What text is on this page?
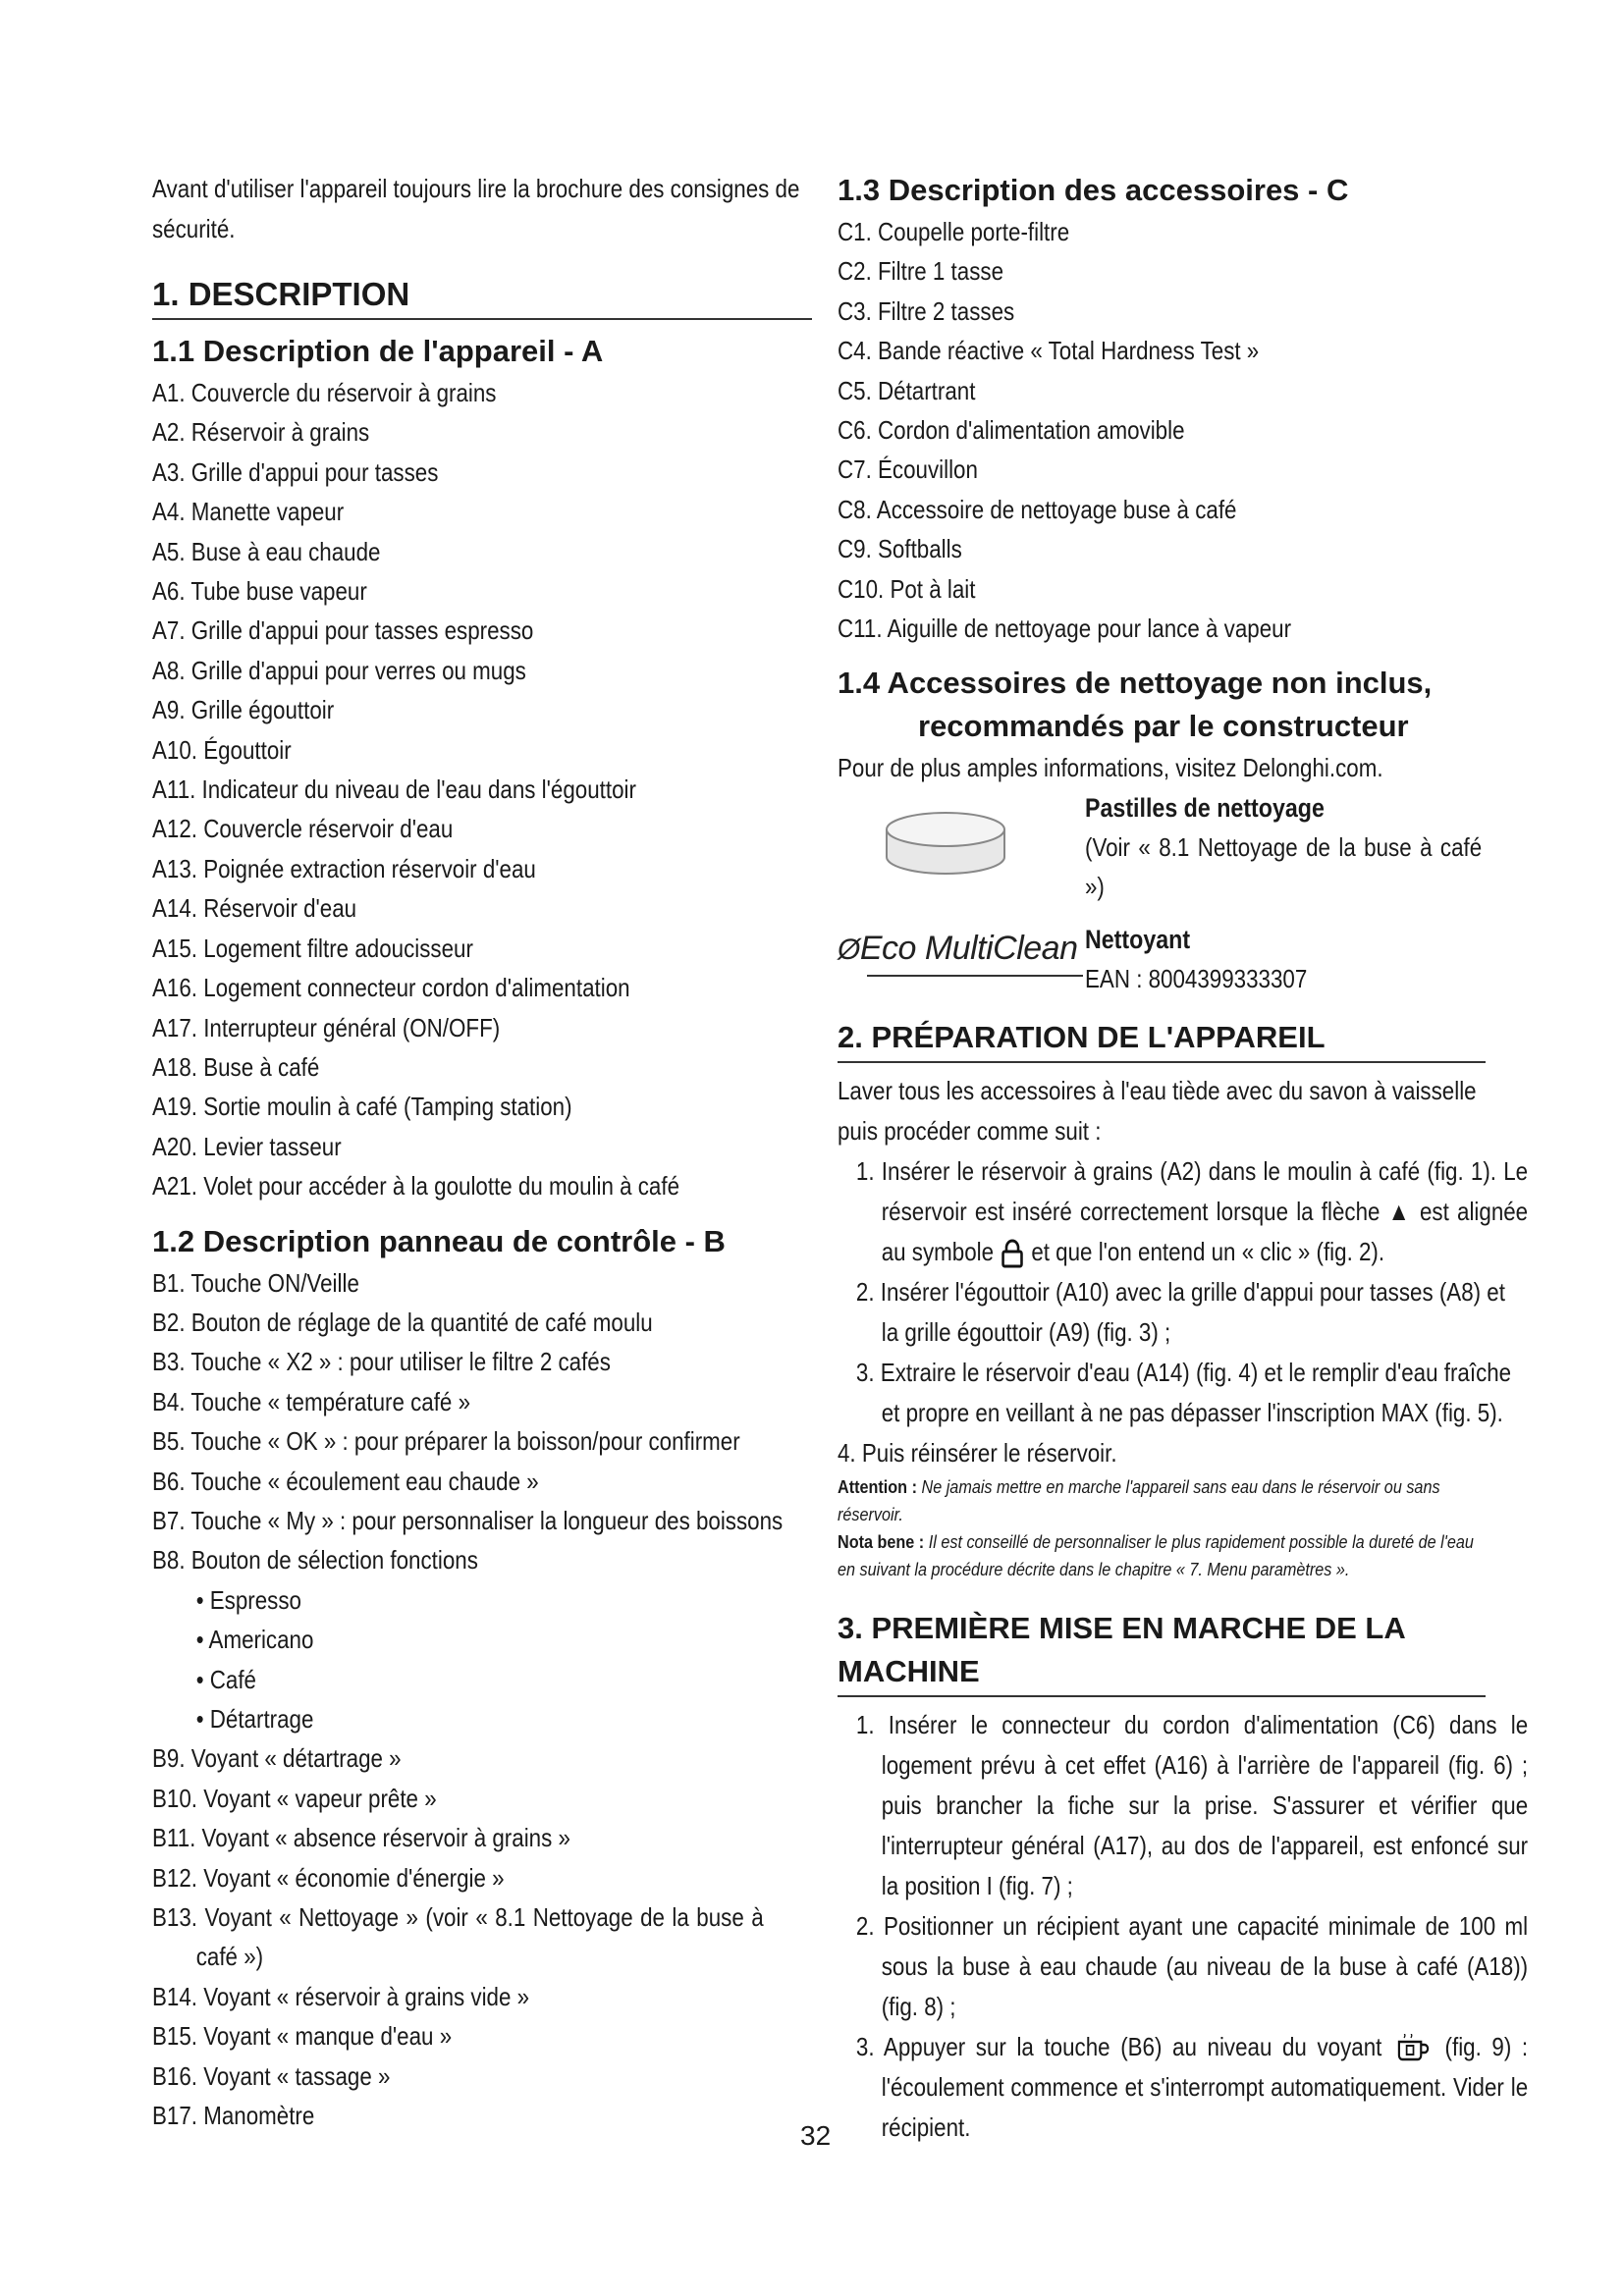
Avant d'utiliser l'appareil toujours lire la brochure des consignes de sécurité.

1. DESCRIPTION
1.1 Description de l'appareil - A
A1. Couvercle du réservoir à grains
A2. Réservoir à grains
A3. Grille d'appui pour tasses
A4. Manette vapeur
A5. Buse à eau chaude
A6. Tube buse vapeur
A7. Grille d'appui pour tasses espresso
A8. Grille d'appui pour verres ou mugs
A9. Grille égouttoir
A10. Égouttoir
A11. Indicateur du niveau de l'eau dans l'égouttoir
A12. Couvercle réservoir d'eau
A13. Poignée extraction réservoir d'eau
A14. Réservoir d'eau
A15. Logement filtre adoucisseur
A16. Logement connecteur cordon d'alimentation
A17. Interrupteur général (ON/OFF)
A18. Buse à café
A19. Sortie moulin à café (Tamping station)
A20. Levier tasseur
A21. Volet pour accéder à la goulotte du moulin à café
1.2 Description panneau de contrôle - B
B1. Touche ON/Veille
B2. Bouton de réglage de la quantité de café moulu
B3. Touche « X2 » : pour utiliser le filtre 2 cafés
B4. Touche « température café »
B5. Touche « OK » : pour préparer la boisson/pour confirmer
B6. Touche « écoulement eau chaude »
B7. Touche « My » : pour personnaliser la longueur des boissons
B8. Bouton de sélection fonctions
• Espresso
• Americano
• Café
• Détartrage
B9. Voyant « détartrage »
B10. Voyant « vapeur prête »
B11. Voyant « absence réservoir à grains »
B12. Voyant « économie d'énergie »
B13. Voyant « Nettoyage » (voir « 8.1 Nettoyage de la buse à café »)
B14. Voyant « réservoir à grains vide »
B15. Voyant « manque d'eau »
B16. Voyant « tassage »
B17. Manomètre
1.3 Description des accessoires - C
C1. Coupelle porte-filtre
C2. Filtre 1 tasse
C3. Filtre 2 tasses
C4. Bande réactive « Total Hardness Test »
C5. Détartrant
C6. Cordon d'alimentation amovible
C7. Écouvillon
C8. Accessoire de nettoyage buse à café
C9. Softballs
C10. Pot à lait
C11. Aiguille de nettoyage pour lance à vapeur
1.4 Accessoires de nettoyage non inclus,
recommandés par le constructeur
Pour de plus amples informations, visitez Delonghi.com.
Pastilles de nettoyage
(Voir « 8.1 Nettoyage de la buse à café »)
ØEco MultiClean Nettoyant
EAN : 8004399333307
2. PRÉPARATION DE L'APPAREIL

Laver tous les accessoires à l'eau tiède avec du savon à vaisselle puis procéder comme suit :

1. Insérer le réservoir à grains (A2) dans le moulin à café (fig. 1). Le réservoir est inséré correctement lorsque la flèche ▲ est alignée au symbole et que l'on entend un « clic » (fig. 2).

2. Insérer l'égouttoir (A10) avec la grille d'appui pour tasses (A8) et la grille égouttoir (A9) (fig. 3) ;

3. Extraire le réservoir d'eau (A14) (fig. 4) et le remplir d'eau fraîche et propre en veillant à ne pas dépasser l'inscription MAX (fig. 5).

4. Puis réinsérer le réservoir.

Attention : Ne jamais mettre en marche l'appareil sans eau dans le réservoir ou sans réservoir.

Nota bene : Il est conseillé de personnaliser le plus rapidement possible la dureté de l'eau en suivant la procédure décrite dans le chapitre « 7. Menu paramètres ».

3. PREMIÈRE MISE EN MARCHE DE LA MACHINE

1. Insérer le connecteur du cordon d'alimentation (C6) dans le logement prévu à cet effet (A16) à l'arrière de l'appareil (fig. 6) ; puis brancher la fiche sur la prise. S'assurer et vérifier que l'interrupteur général (A17), au dos de l'appareil, est enfoncé sur la position I (fig. 7) ;

2. Positionner un récipient ayant une capacité minimale de 100 ml sous la buse à eau chaude (au niveau de la buse à café (A18)) (fig. 8) ;

3. Appuyer sur la touche (B6) au niveau du voyant (fig. 9) : l'écoulement commence et s'interrompt automatiquement. Vider le récipient.

32
